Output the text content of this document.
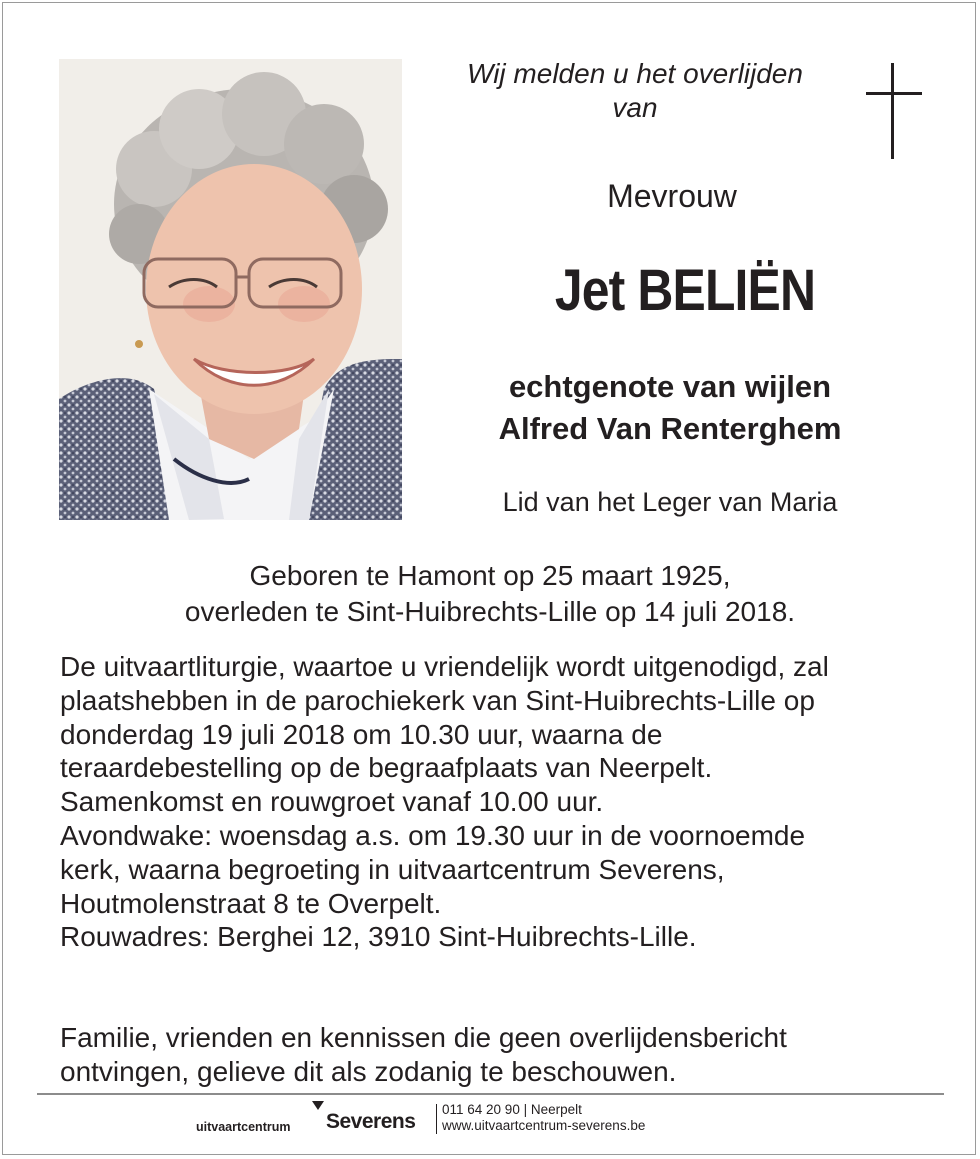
Wij melden u het overlijden
van
Mevrouw
Jet BELIËN
echtgenote van wijlen
Alfred Van Renterghem
Lid van het Leger van Maria
Geboren te Hamont op 25 maart 1925,
overleden te Sint-Huibrechts-Lille op 14 juli 2018.
De uitvaartliturgie, waartoe u vriendelijk wordt uitgenodigd, zal
plaatshebben in de parochiekerk van Sint-Huibrechts-Lille op
donderdag 19 juli 2018 om 10.30 uur, waarna de
teraardebestelling op de begraafplaats van Neerpelt.
Samenkomst en rouwgroet vanaf 10.00 uur.
Avondwake: woensdag a.s. om 19.30 uur in de voornoemde
kerk, waarna begroeting in uitvaartcentrum Severens,
Houtmolenstraat 8 te Overpelt.
Rouwadres: Berghei 12, 3910 Sint-Huibrechts-Lille.
Familie, vrienden en kennissen die geen overlijdensbericht
ontvingen, gelieve dit als zodanig te beschouwen.
uitvaartcentrum Severens
011 64 20 90 | Neerpelt
www.uitvaartcentrum-severens.be
